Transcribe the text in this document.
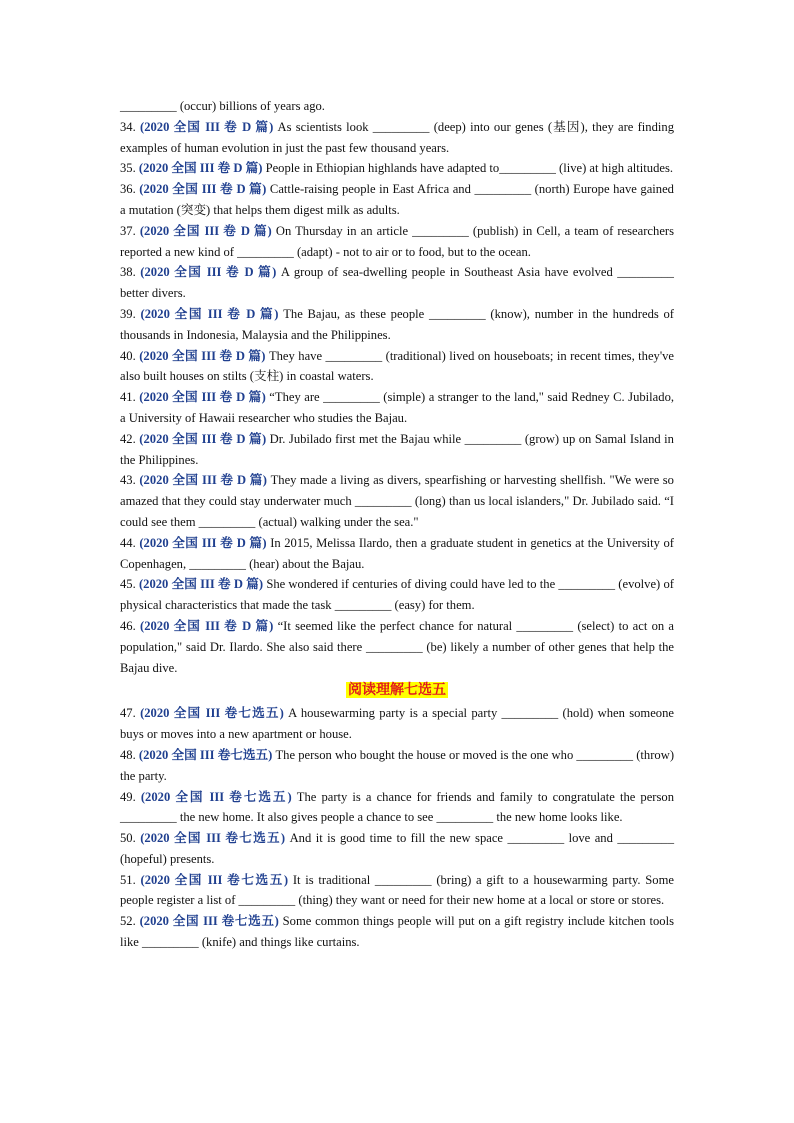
_________ (occur) billions of years ago.
34. (2020 全国 III 卷 D 篇) As scientists look _________ (deep) into our genes (基因), they are finding examples of human evolution in just the past few thousand years.
35. (2020 全国 III 卷 D 篇) People in Ethiopian highlands have adapted to_________ (live) at high altitudes.
36. (2020 全国 III 卷 D 篇) Cattle-raising people in East Africa and _________ (north) Europe have gained a mutation (突变) that helps them digest milk as adults.
37. (2020 全国 III 卷 D 篇) On Thursday in an article _________ (publish) in Cell, a team of researchers reported a new kind of _________ (adapt) - not to air or to food, but to the ocean.
38. (2020 全国 III 卷 D 篇) A group of sea-dwelling people in Southeast Asia have evolved _________ better divers.
39. (2020 全国 III 卷 D 篇) The Bajau, as these people _________ (know), number in the hundreds of thousands in Indonesia, Malaysia and the Philippines.
40. (2020 全国 III 卷 D 篇) They have _________ (traditional) lived on houseboats; in recent times, they've also built houses on stilts (支柱) in coastal waters.
41. (2020 全国 III 卷 D 篇) “They are _________ (simple) a stranger to the land," said Redney C. Jubilado, a University of Hawaii researcher who studies the Bajau.
42. (2020 全国 III 卷 D 篇) Dr. Jubilado first met the Bajau while _________ (grow) up on Samal Island in the Philippines.
43. (2020 全国 III 卷 D 篇) They made a living as divers, spearfishing or harvesting shellfish. "We were so amazed that they could stay underwater much _________ (long) than us local islanders," Dr. Jubilado said. “I could see them _________ (actual) walking under the sea."
44. (2020 全国 III 卷 D 篇) In 2015, Melissa Ilardo, then a graduate student in genetics at the University of Copenhagen, _________ (hear) about the Bajau.
45. (2020 全国 III 卷 D 篇) She wondered if centuries of diving could have led to the _________ (evolve) of physical characteristics that made the task _________ (easy) for them.
46. (2020 全国 III 卷 D 篇) “It seemed like the perfect chance for natural _________ (select) to act on a population," said Dr. Ilardo. She also said there _________ (be) likely a number of other genes that help the Bajau dive.
阅读理解七选五
47. (2020 全国 III 卷七选五) A housewarming party is a special party _________ (hold) when someone buys or moves into a new apartment or house.
48. (2020 全国 III 卷七选五) The person who bought the house or moved is the one who _________ (throw) the party.
49. (2020 全国 III 卷七选五) The party is a chance for friends and family to congratulate the person _________ the new home. It also gives people a chance to see _________ the new home looks like.
50. (2020 全国 III 卷七选五) And it is good time to fill the new space _________ love and _________ (hopeful) presents.
51. (2020 全国 III 卷七选五) It is traditional _________ (bring) a gift to a housewarming party. Some people register a list of _________ (thing) they want or need for their new home at a local or store or stores.
52. (2020 全国 III 卷七选五) Some common things people will put on a gift registry include kitchen tools like _________ (knife) and things like curtains.
